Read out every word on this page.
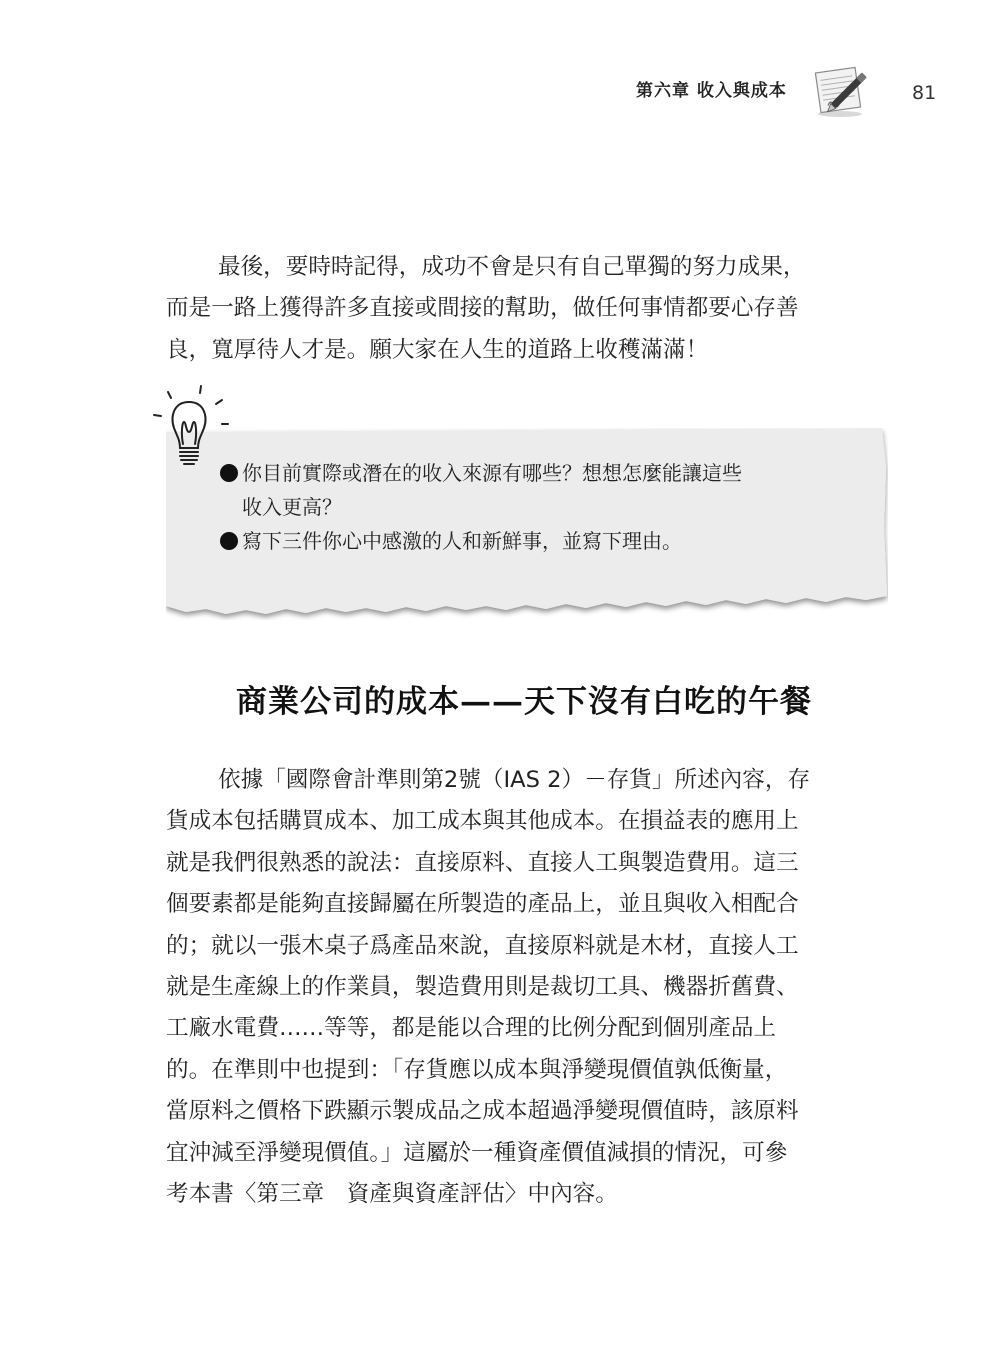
第六章 收入與成本	81
最後，要時時記得，成功不會是只有自己單獨的努力成果，
而是一路上獲得許多直接或間接的幫助，做任何事情都要心存善
良，寬厚待人才是。願大家在人生的道路上收穫滿滿！
你目前實際或潛在的收入來源有哪些？想想怎麼能讓這些
收入更高？
寫下三件你心中感激的人和新鮮事，並寫下理由。
商業公司的成本——天下沒有白吃的午餐
依據「國際會計準則第2號（IAS 2）－存貨」所述內容，存
貨成本包括購買成本、加工成本與其他成本。在損益表的應用上
就是我們很熟悉的說法：直接原料、直接人工與製造費用。這三
個要素都是能夠直接歸屬在所製造的產品上，並且與收入相配合
的；就以一張木桌子爲產品來說，直接原料就是木材，直接人工
就是生產線上的作業員，製造費用則是裁切工具、機器折舊費、
工廠水電費……等等，都是能以合理的比例分配到個別產品上
的。在準則中也提到：「存貨應以成本與淨變現價值孰低衡量，
當原料之價格下跌顯示製成品之成本超過淨變現價值時，該原料
宜沖減至淨變現價值。」這屬於一種資產價值減損的情況，可參
考本書〈第三章　資產與資產評估〉中內容。
